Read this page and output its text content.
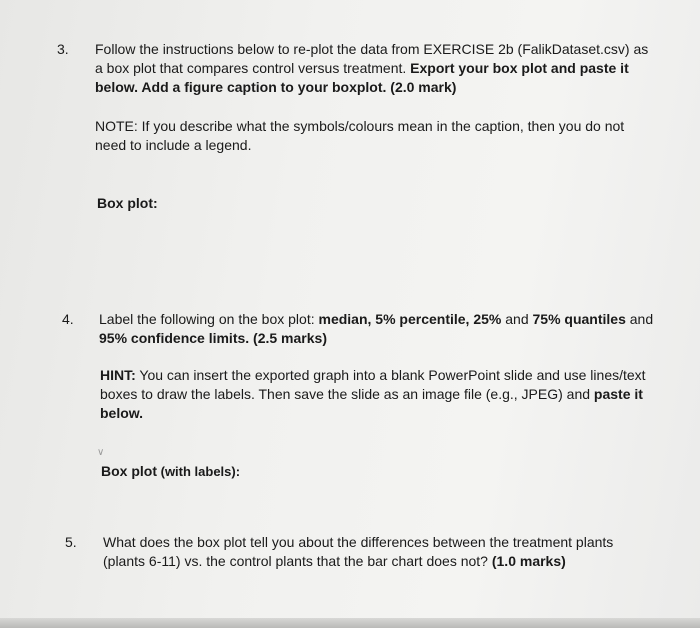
3. Follow the instructions below to re-plot the data from EXERCISE 2b (FalikDataset.csv) as a box plot that compares control versus treatment. Export your box plot and paste it below. Add a figure caption to your boxplot. (2.0 mark)

NOTE: If you describe what the symbols/colours mean in the caption, then you do not need to include a legend.
Box plot:
4. Label the following on the box plot: median, 5% percentile, 25% and 75% quantiles and 95% confidence limits. (2.5 marks)

HINT: You can insert the exported graph into a blank PowerPoint slide and use lines/text boxes to draw the labels. Then save the slide as an image file (e.g., JPEG) and paste it below.

∨
Box plot (with labels):
5. What does the box plot tell you about the differences between the treatment plants (plants 6-11) vs. the control plants that the bar chart does not? (1.0 marks)
